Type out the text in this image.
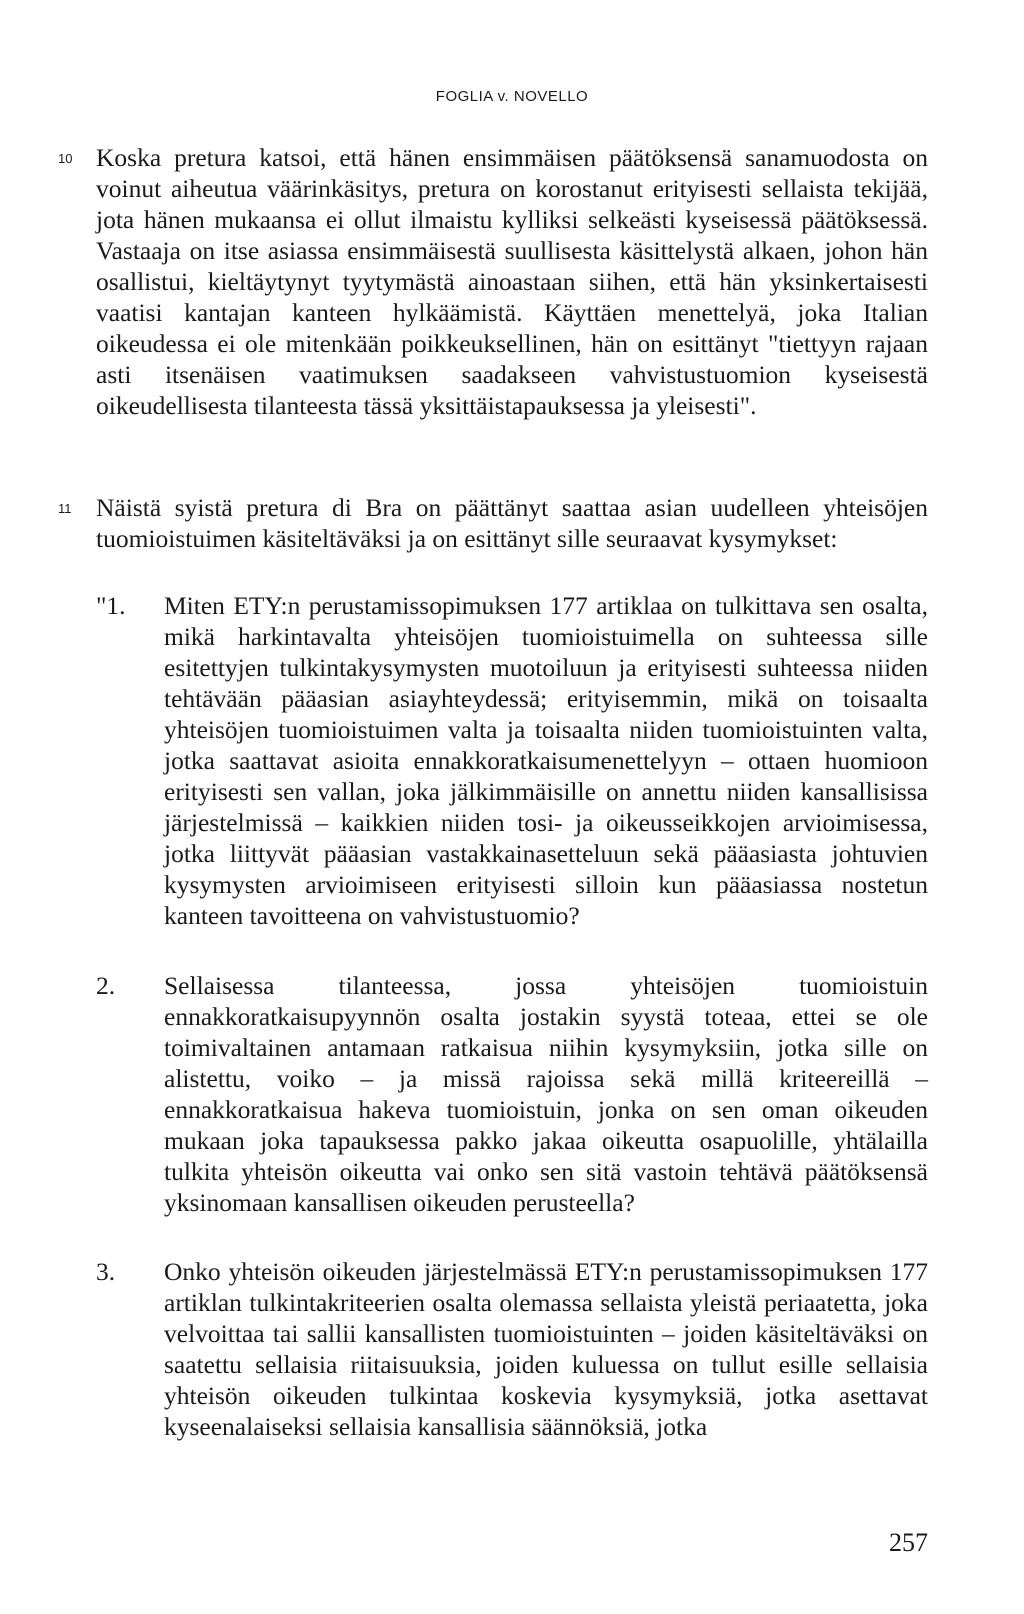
FOGLIA v. NOVELLO
10 Koska pretura katsoi, että hänen ensimmäisen päätöksensä sanamuodosta on voinut aiheutua väärinkäsitys, pretura on korostanut erityisesti sellaista tekijää, jota hänen mukaansa ei ollut ilmaistu kylliksi selkeästi kyseisessä päätöksessä. Vastaaja on itse asiassa ensimmäisestä suullisesta käsittelystä alkaen, johon hän osallistui, kieltäytynyt tyytymästä ainoastaan siihen, että hän yksinkertaisesti vaatisi kantajan kanteen hylkäämistä. Käyttäen menettelyä, joka Italian oikeudessa ei ole mitenkään poikkeuksellinen, hän on esittänyt "tiettyyn rajaan asti itsenäisen vaatimuksen saadakseen vahvistustuomion kyseisestä oikeudellisesta tilanteesta tässä yksittäistapauksessa ja yleisesti".

11 Näistä syistä pretura di Bra on päättänyt saattaa asian uudelleen yhteisöjen tuomioistuimen käsiteltäväksi ja on esittänyt sille seuraavat kysymykset:

"1. Miten ETY:n perustamissopimuksen 177 artiklaa on tulkittava sen osalta, mikä harkintavalta yhteisöjen tuomioistuimella on suhteessa sille esitettyjen tulkintakysymysten muotoiluun ja erityisesti suhteessa niiden tehtävään pääasian asiayhteydessä; erityisemmin, mikä on toisaalta yhteisöjen tuomioistuimen valta ja toisaalta niiden tuomioistuinten valta, jotka saattavat asioita ennakkoratkaisumenettelyyn – ottaen huomioon erityisesti sen vallan, joka jälkimmäisille on annettu niiden kansallisissa järjestelmissä – kaikkien niiden tosi- ja oikeusseikkojen arvioimisessa, jotka liittyvät pääasian vastakkainasetteluun sekä pääasiasta johtuvien kysymysten arvioimiseen erityisesti silloin kun pääasiassa nostetun kanteen tavoitteena on vahvistustuomio?

2. Sellaisessa tilanteessa, jossa yhteisöjen tuomioistuin ennakkoratkaisupyynnön osalta jostakin syystä toteaa, ettei se ole toimivaltainen antamaan ratkaisua niihin kysymyksiin, jotka sille on alistettu, voiko – ja missä rajoissa sekä millä kriteereillä – ennakkoratkaisua hakeva tuomioistuin, jonka on sen oman oikeuden mukaan joka tapauksessa pakko jakaa oikeutta osapuolille, yhtälailla tulkita yhteisön oikeutta vai onko sen sitä vastoin tehtävä päätöksensä yksinomaan kansallisen oikeuden perusteella?

3. Onko yhteisön oikeuden järjestelmässä ETY:n perustamissopimuksen 177 artiklan tulkintakriteerien osalta olemassa sellaista yleistä periaatetta, joka velvoittaa tai sallii kansallisten tuomioistuinten – joiden käsiteltäväksi on saatettu sellaisia riitaisuuksia, joiden kuluessa on tullut esille sellaisia yhteisön oikeuden tulkintaa koskevia kysymyksiä, jotka asettavat kyseenalaiseksi sellaisia kansallisia säännöksiä, jotka

257
